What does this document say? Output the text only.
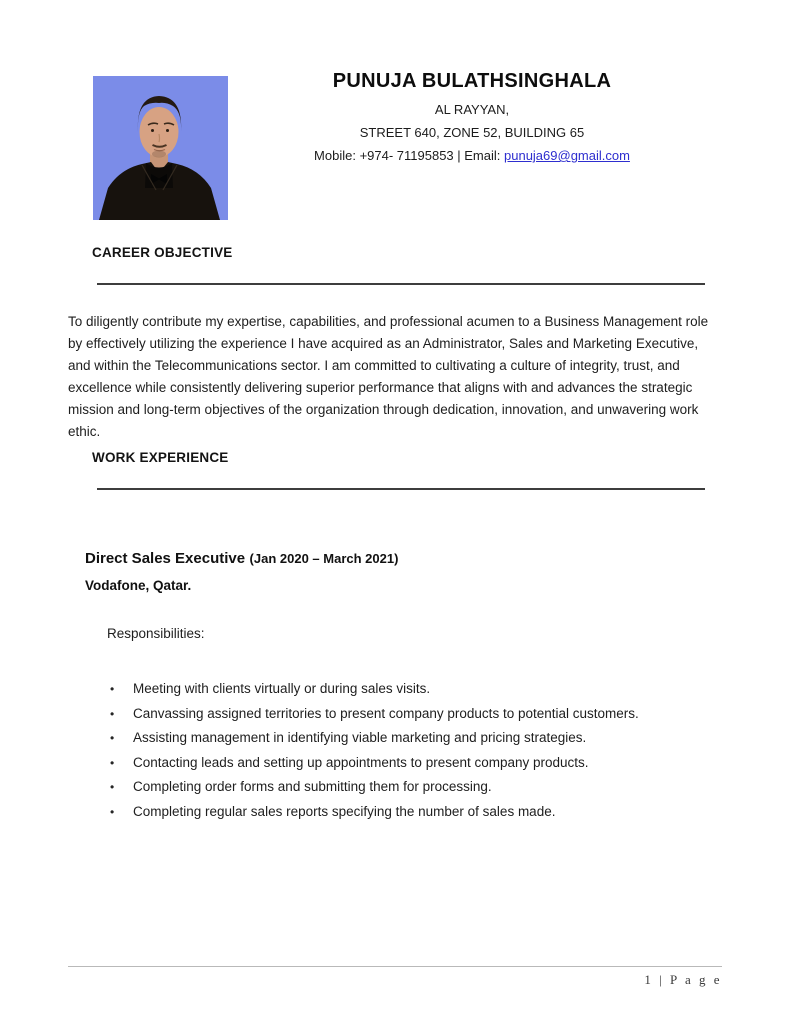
PUNUJA BULATHSINGHALA
AL RAYYAN,
STREET 640, ZONE 52, BUILDING 65
Mobile: +974- 71195853 | Email: punuja69@gmail.com
CAREER OBJECTIVE

To diligently contribute my expertise, capabilities, and professional acumen to a Business Management role by effectively utilizing the experience I have acquired as an Administrator, Sales and Marketing Executive, and within the Telecommunications sector. I am committed to cultivating a culture of integrity, trust, and excellence while consistently delivering superior performance that aligns with and advances the strategic mission and long-term objectives of the organization through dedication, innovation, and unwavering work ethic.

WORK EXPERIENCE
Direct Sales Executive (Jan 2020 – March 2021)
Vodafone, Qatar.
Responsibilities:
•	Meeting with clients virtually or during sales visits.
•	Canvassing assigned territories to present company products to potential customers.
•	Assisting management in identifying viable marketing and pricing strategies.
•	Contacting leads and setting up appointments to present company products.
•	Completing order forms and submitting them for processing.
•	Completing regular sales reports specifying the number of sales made.
1 | P a g e
